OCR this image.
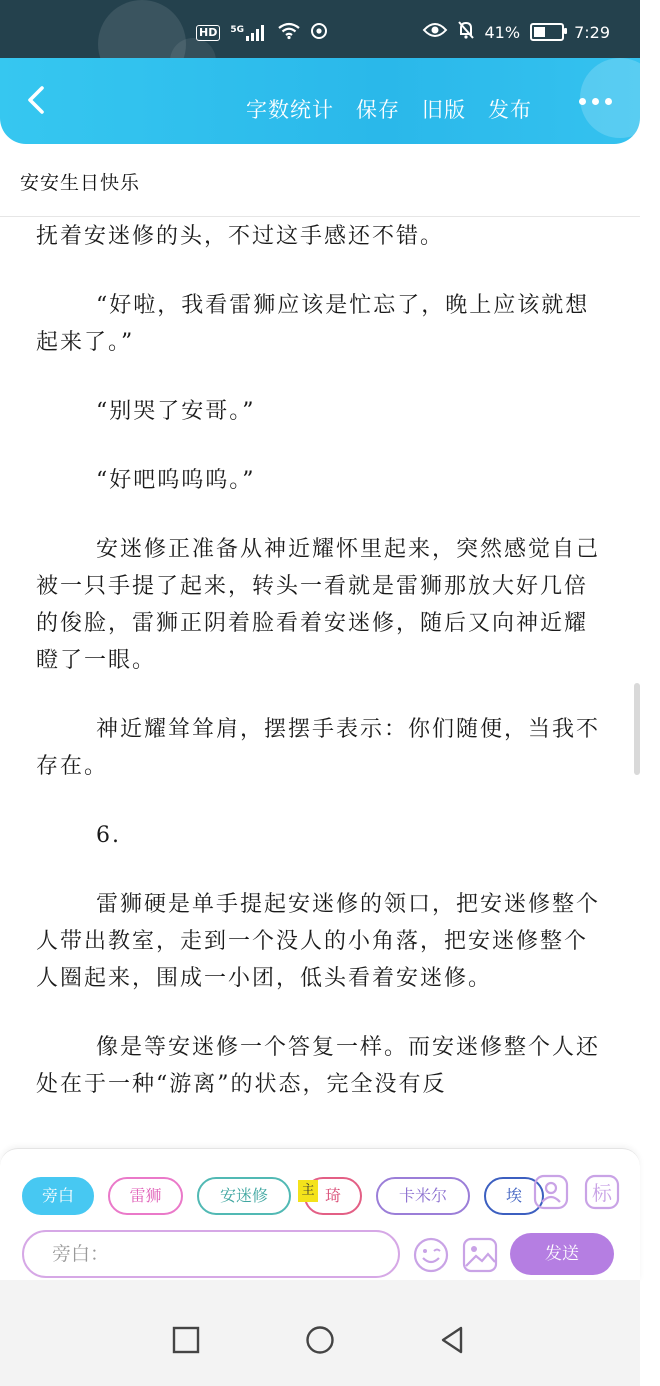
HD	5G	41%	7:29
字数统计 保存 旧版 发布
安安生日快乐

抚着安迷修的头，不过这手感还不错。

“好啦，我看雷狮应该是忙忘了，晚上应该就想起来了。”

“别哭了安哥。”

“好吧呜呜呜。”

安迷修正准备从神近耀怀里起来，突然感觉自己被一只手提了起来，转头一看就是雷狮那放大好几倍的俊脸，雷狮正阴着脸看着安迷修，随后又向神近耀瞪了一眼。

神近耀耸耸肩，摆摆手表示：你们随便，当我不存在。

6.

雷狮硬是单手提起安迷修的领口，把安迷修整个人带出教室，走到一个没人的小角落，把安迷修整个人圈起来，围成一小团，低头看着安迷修。

像是等安迷修一个答复一样。而安迷修整个人还处在于一种“游离”的状态，完全没有反

旁白	雷狮	安迷修	琦	卡米尔	埃
主	标
旁白：	发送
